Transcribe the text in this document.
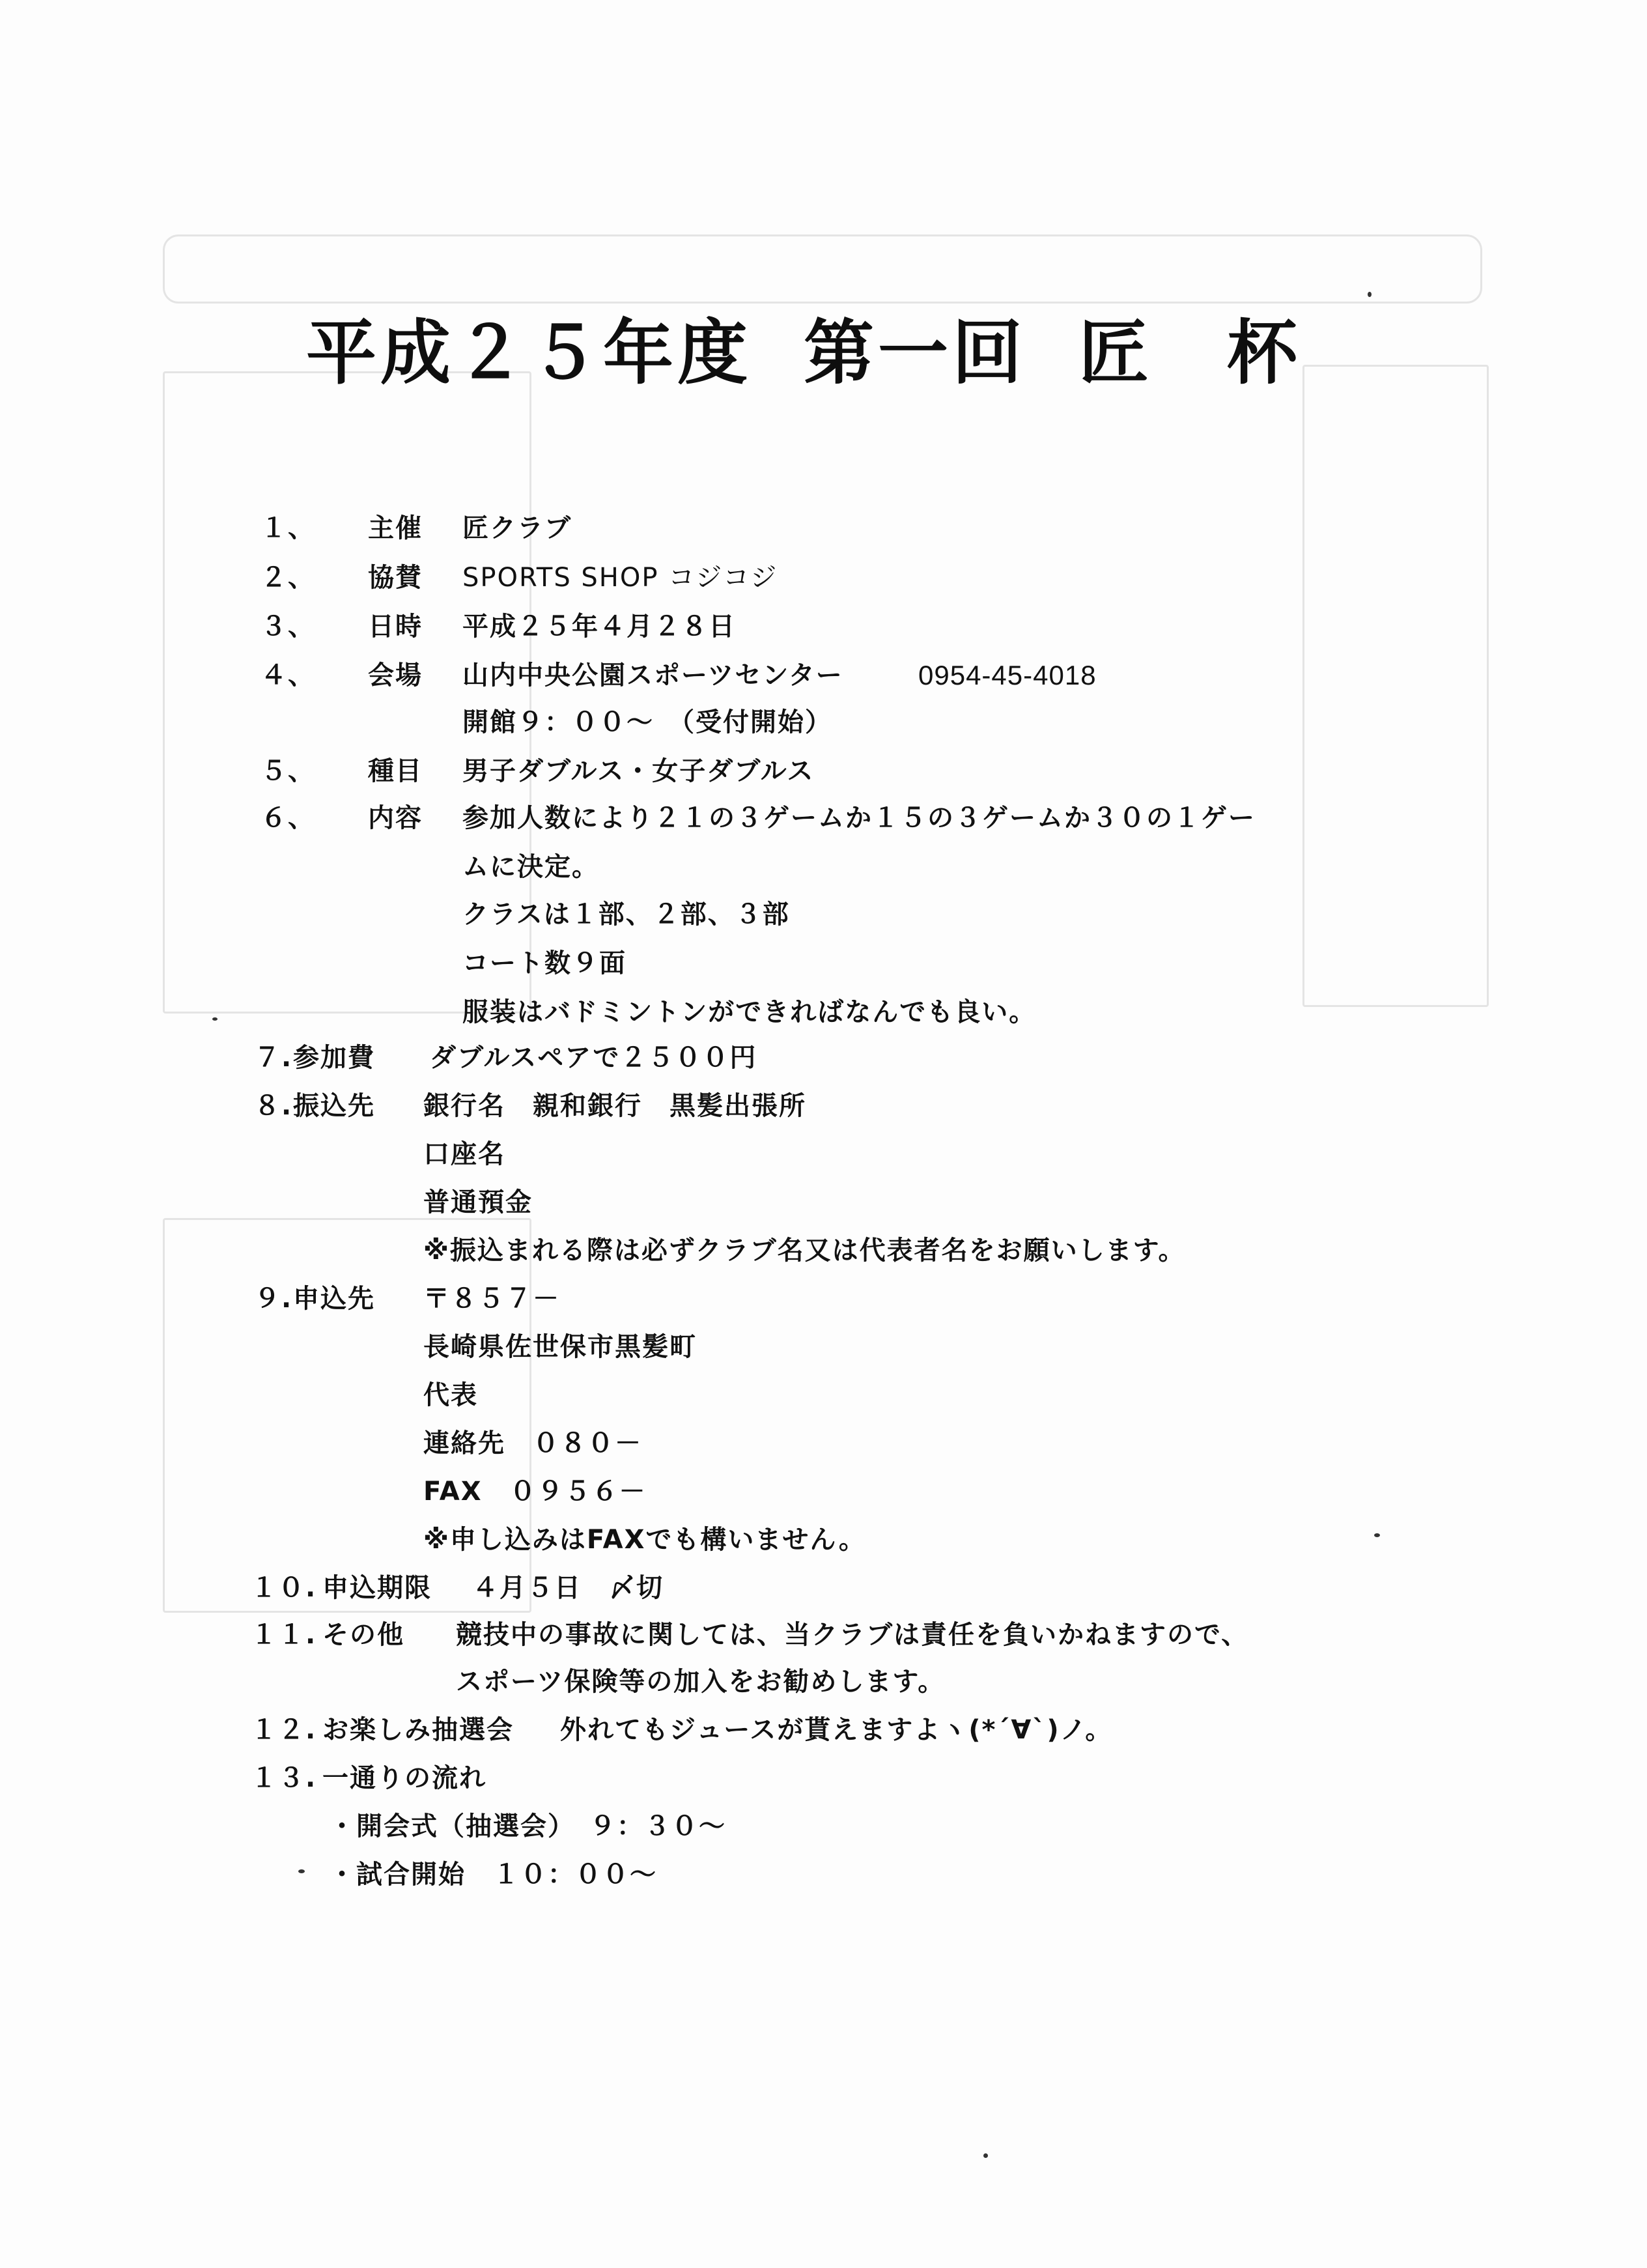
平成２５年度 第一回 匠　杯
１、 主催 匠クラブ
２、 協賛 SPORTS SHOP コジコジ
３、 日時 平成２５年４月２８日
４、 会場 山内中央公園スポーツセンター	0954-45-4018
開館９：００～　（受付開始）
５、 種目 男子ダブルス・女子ダブルス
６、 内容 参加人数により２１の３ゲームか１５の３ゲームか３０の１ゲー
ムに決定。
クラスは１部、２部、３部
コート数９面
服装はバドミントンができればなんでも良い。
７. 参加費 ダブルスペアで２５００円
８. 振込先 銀行名　親和銀行　黒髪出張所
口座名
普通預金
※振込まれる際は必ずクラブ名又は代表者名をお願いします。
９. 申込先 〒８５７－
長崎県佐世保市黒髪町
代表
連絡先　０８０－
FAX　０９５６－
※申し込みはFAXでも構いません。
１０. 申込期限 ４月５日　〆切
１１. その他 競技中の事故に関しては、当クラブは責任を負いかねますので、
スポーツ保険等の加入をお勧めします。
１２. お楽しみ抽選会 外れてもジュースが貰えますよヽ(*´∀`)ノ。
１３. 一通りの流れ
・開会式（抽選会）　９：３０～
・試合開始　１０：００～
